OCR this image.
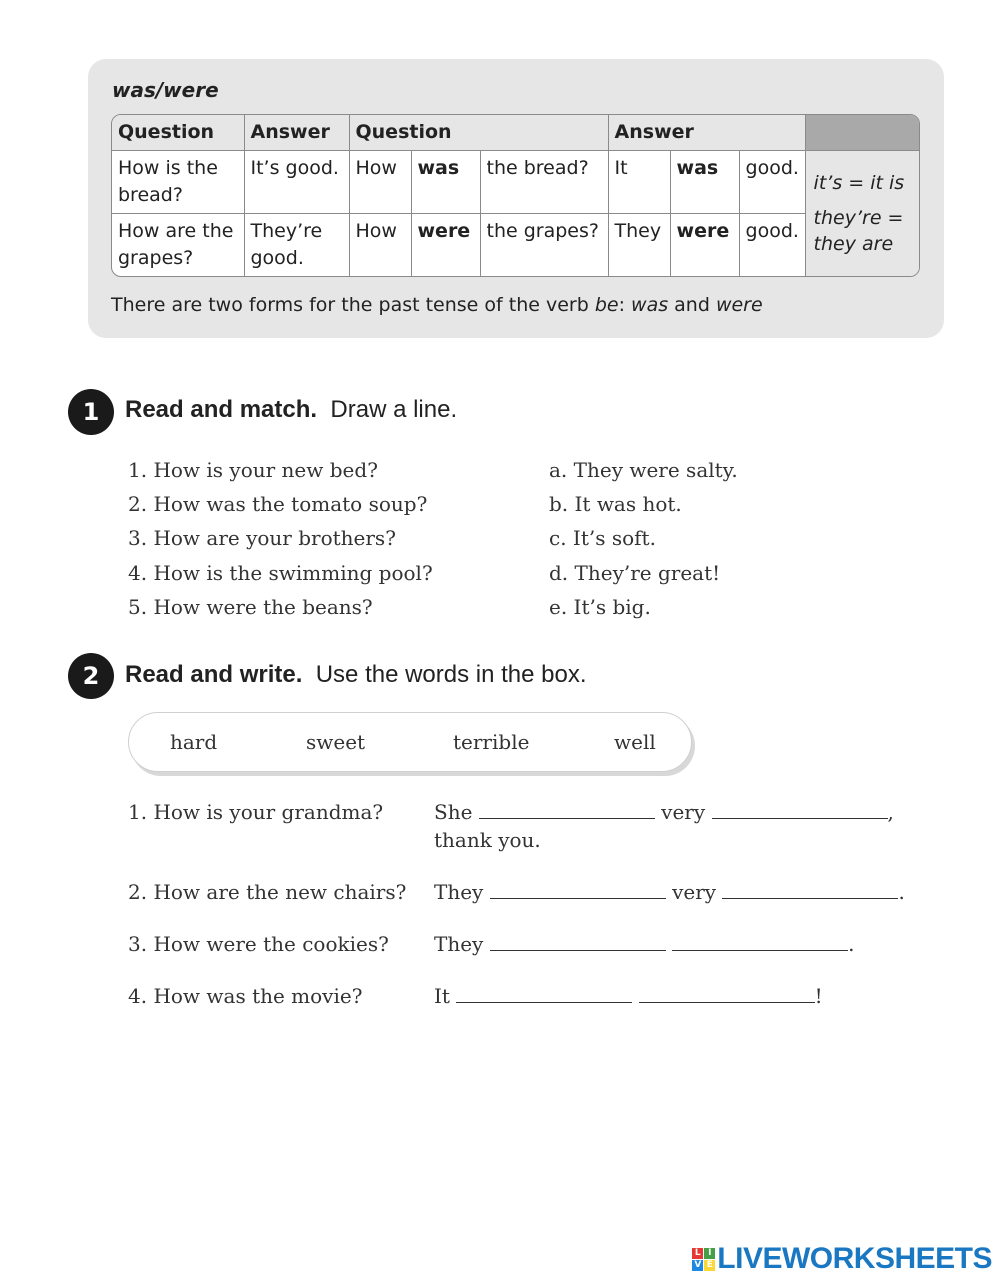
was/were
Question	Answer	Question			Answer			
How is the bread?	It’s good.	How	was	the bread?	It	was	good.	it’s = it is
they’re = they are

How are the grapes?	They’re good.	How	were	the grapes?	They	were	good.	
There are two forms for the past tense of the verb be: was and were
1	Read and match. Draw a line.
1. How is your new bed?
2. How was the tomato soup?
3. How are your brothers?
4. How is the swimming pool?
5. How were the beans?
a. They were salty.
b. It was hot.
c. It’s soft.
d. They’re great!
e. It’s big.
2	Read and write. Use the words in the box.
hard	sweet	terrible	well
1. How is your grandma?	She	very	,
thank you.
2. How are the new chairs? They	very	.
3. How were the cookies? They	.
4. How was the movie?	It	!
L I
V E LIVEWORKSHEETS
